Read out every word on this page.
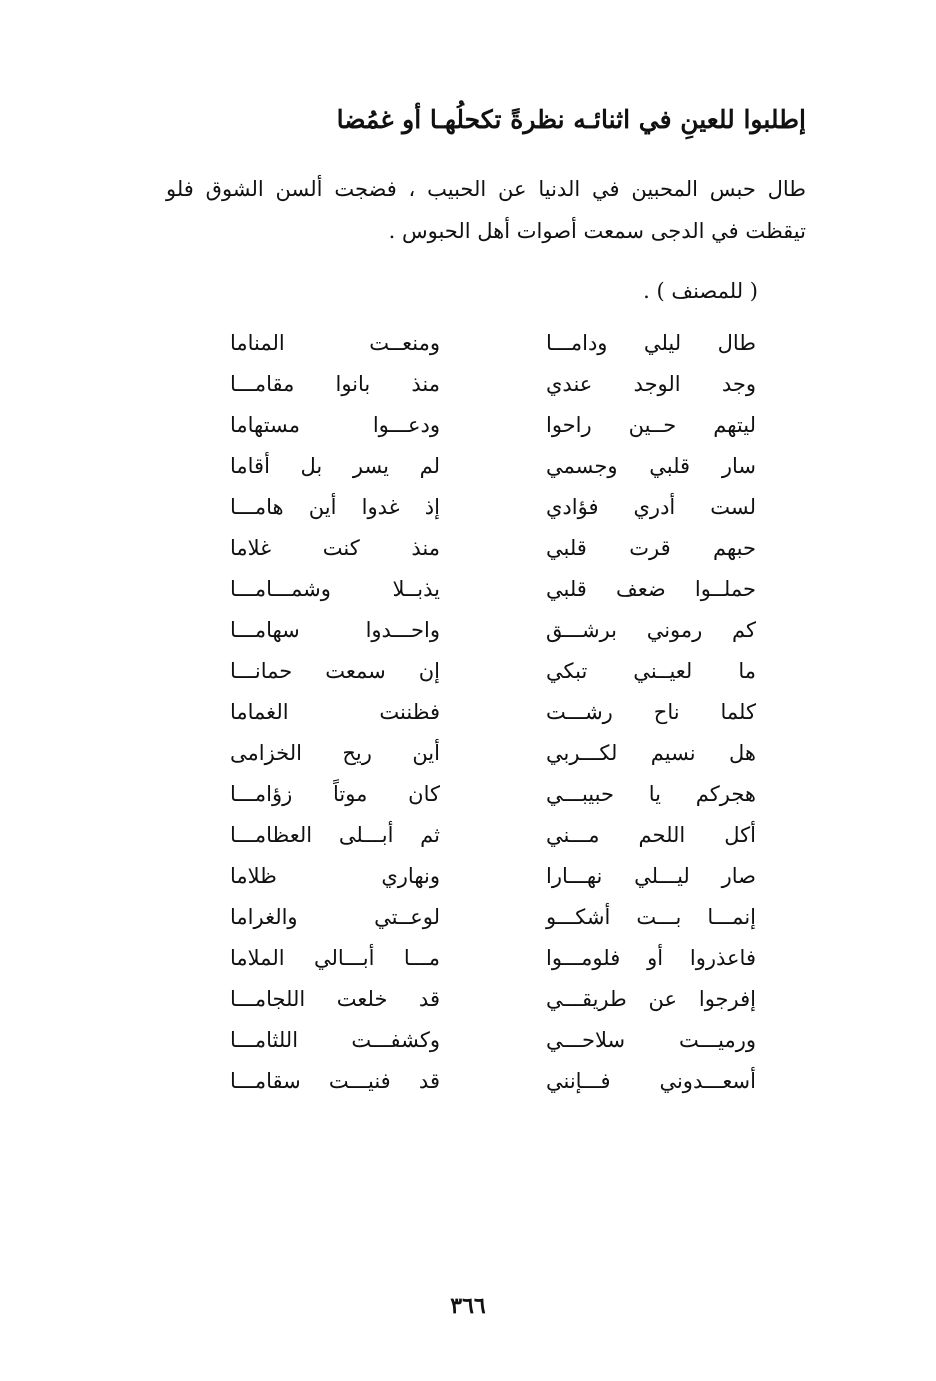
إطلبوا للعينِ في اثنائـه نظرةً تكحلُهـا أو غمُضا
طال حبس المحبين في الدنيا عن الحبيب ، فضجت ألسن الشوق فلو تيقظت في الدجى سمعت أصوات أهل الحبوس .
( للمصنف ) .
طال ليلي ودامـــا
ومنعــت المناما
وجد الوجد عندي
منذ بانوا مقامـــا
ليتهم حــين راحوا
ودعـــوا مستهاما
سار قلبي وجسمي
لم يسر بل أقاما
لست أدري فؤادي
إذ غدوا أين هامـــا
حبهم قرت قلبي
منذ كنت غلاما
حملــوا ضعف قلبي
يذبــلا وشمـــامـــا
كم رموني برشـــق
واحـــدوا سهامـــا
ما لعيــني تبكي
إن سمعت حمانـــا
كلما ناح رشـــت
فظننت الغماما
هل نسيم لكـــربي
أين ريح الخزامى
هجركم يا حبيبـــي
كان موتاً زؤامـــا
أكل اللحم مـــني
ثم أبـــلى العظامـــا
صار ليـــلي نهـــارا
ونهاري ظلاما
إنمـــا بـــت أشكـــو
لوعــتي والغراما
فاعذروا أو فلومـــوا
مـــا أبـــالي الملاما
إفرجوا عن طريقـــي
قد خلعت اللجامـــا
ورميـــت سلاحـــي
وكشفـــت اللثامـــا
أسعـــدوني فـــإنني
قد فنيـــت سقامـــا
٣٦٦
